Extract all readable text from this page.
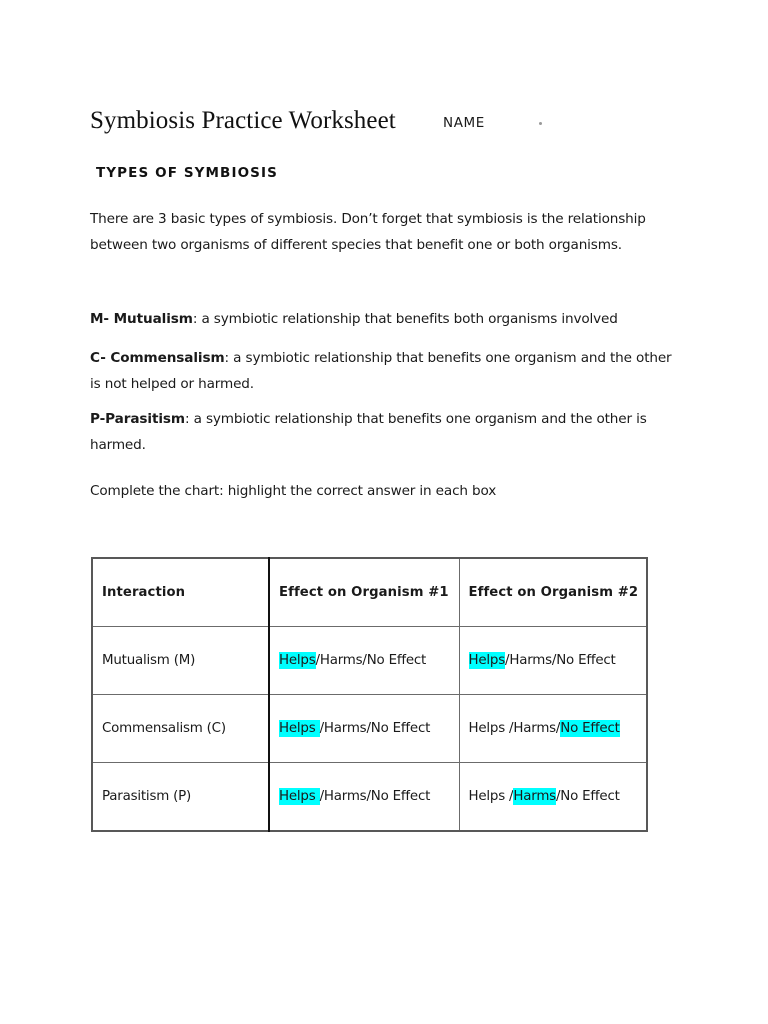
Symbiosis Practice Worksheet	NAME
TYPES OF SYMBIOSIS
There are 3 basic types of symbiosis. Don’t forget that symbiosis is the relationship between two organisms of different species that benefit one or both organisms.
M- Mutualism: a symbiotic relationship that benefits both organisms involved
C- Commensalism: a symbiotic relationship that benefits one organism and the other is not helped or harmed.
P-Parasitism: a symbiotic relationship that benefits one organism and the other is harmed.
Complete the chart: highlight the correct answer in each box
Interaction	Effect on Organism #1	Effect on Organism #2
Mutualism (M)	Helps/Harms/No Effect	Helps/Harms/No Effect
Commensalism (C)	Helps /Harms/No Effect	Helps /Harms/No Effect
Parasitism (P)	Helps /Harms/No Effect	Helps /Harms/No Effect
